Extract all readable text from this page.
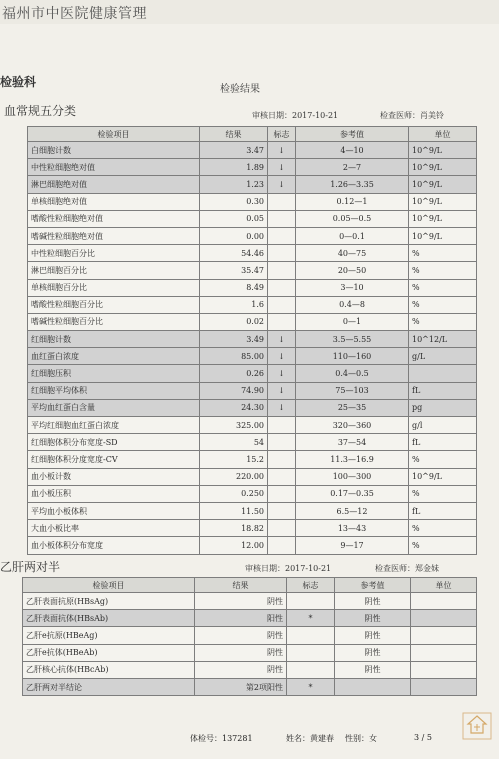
福州市中医院健康管理
检验科
检验结果
血常规五分类	审核日期：2017-10-21	检查医师：肖美铃
检验项目	结果	标志	参考值	单位
白细胞计数	3.47	↓	4—10	10^9/L
中性粒细胞绝对值	1.89	↓	2—7	10^9/L
淋巴细胞绝对值	1.23	↓	1.26—3.35	10^9/L
单核细胞绝对值	0.30		0.12—1	10^9/L
嗜酸性粒细胞绝对值	0.05		0.05—0.5	10^9/L
嗜碱性粒细胞绝对值	0.00		0—0.1	10^9/L
中性粒细胞百分比	54.46		40—75	%
淋巴细胞百分比	35.47		20—50	%
单核细胞百分比	8.49		3—10	%
嗜酸性粒细胞百分比	1.6		0.4—8	%
嗜碱性粒细胞百分比	0.02		0—1	%
红细胞计数	3.49	↓	3.5—5.55	10^12/L
血红蛋白浓度	85.00	↓	110—160	g/L
红细胞压积	0.26	↓	0.4—0.5	
红细胞平均体积	74.90	↓	75—103	fL
平均血红蛋白含量	24.30	↓	25—35	pg
平均红细胞血红蛋白浓度	325.00		320—360	g/l
红细胞体积分布宽度-SD	54		37—54	fL
红细胞体积分度宽度-CV	15.2		11.3—16.9	%
血小板计数	220.00		100—300	10^9/L
血小板压积	0.250		0.17—0.35	%
平均血小板体积	11.50		6.5—12	fL
大血小板比率	18.82		13—43	%
血小板体积分布宽度	12.00		9—17	%
乙肝两对半	审核日期：2017-10-21	检查医师：郑金妹
检验项目	结果	标志	参考值	单位
乙肝表面抗原(HBsAg)	阴性		阴性	
乙肝表面抗体(HBsAb)	阳性	*	阴性	
乙肝e抗原(HBeAg)	阴性		阴性	
乙肝e抗体(HBeAb)	阴性		阴性	
乙肝核心抗体(HBcAb)	阴性		阴性	
乙肝两对半结论	第2项阳性	*		
体检号：137281	姓名：黄建春 性别：女	3 / 5
